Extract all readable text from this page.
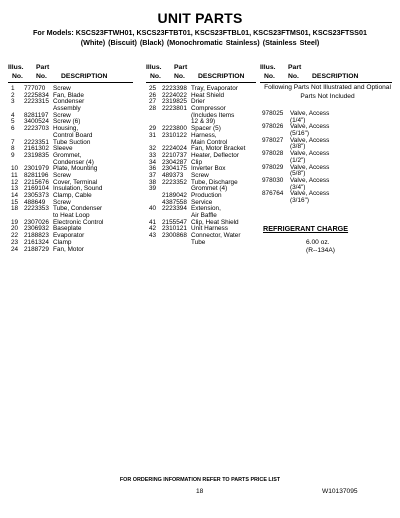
UNIT PARTS
For Models: KSCS23FTWH01, KSCS23FTBT01, KSCS23FTBL01, KSCS23FTMS01, KSCS23FTSS01
(White) (Biscuit) (Black) (Monochromatic Stainless) (Stainless Steel)
Illus.
No.
Part
No. DESCRIPTION
Illus.
No.
Part
No. DESCRIPTION
Illus.
No.
Part
No. DESCRIPTION
1 777070 Screw
2 2225834 Fan, Blade
3 2223315 Condenser
Assembly
4 8281197 Screw
5 3400524 Screw (6)
6 2223703 Housing,
Control Board
7 2223351 Tube Suction
8 2161302 Sleeve
9 2319835 Grommet,
Condenser (4)
10 2301979 Plate, Mounting
11 8281196 Screw
12 2215676 Cover, Terminal
13 2169104 Insulation, Sound
14 2305373 Clamp, Cable
15 488649 Screw
18 2223353 Tube, Condenser
to Heat Loop
19 2307026 Electronic Control
20 2306932 Baseplate
22 2188823 Evaporator
23 2161324 Clamp
24 2188729 Fan, Motor
25 2223398 Tray, Evaporator
26 2224022 Heat Shield
27 2319825 Drier
28 2223801 Compressor
(Includes Items
12 & 39)
29 2223800 Spacer (5)
31 2310122 Harness,
Main Control
32 2224024 Fan, Motor Bracket
33 2210737 Heater, Deflector
34 2304287 Clip
36 2304175 Inverter Box
37 489373 Screw
38 2223352 Tube, Discharge
39	Grommet (4)
2189042 Production
4387558 Service
40 2223394 Extension,
Air Baffle
41 2155547 Clip, Heat Shield
42 2310121 Unit Harness
43 2300868 Connector, Water
Tube
Following Parts Not Illustrated and Optional Parts Not Included
978025 Valve, Access
(1/4")
978026 Valve, Access
(5/16")
978027 Valve, Access
(3/8")
978028 Valve, Access
(1/2")
978029 Valve, Access
(5/8")
978030 Valve, Access
(3/4")
876764 Valve, Access
(3/16")
REFRIGERANT CHARGE
6.00 oz.
(R--134A)
FOR ORDERING INFORMATION REFER TO PARTS PRICE LIST
18	W10137095
